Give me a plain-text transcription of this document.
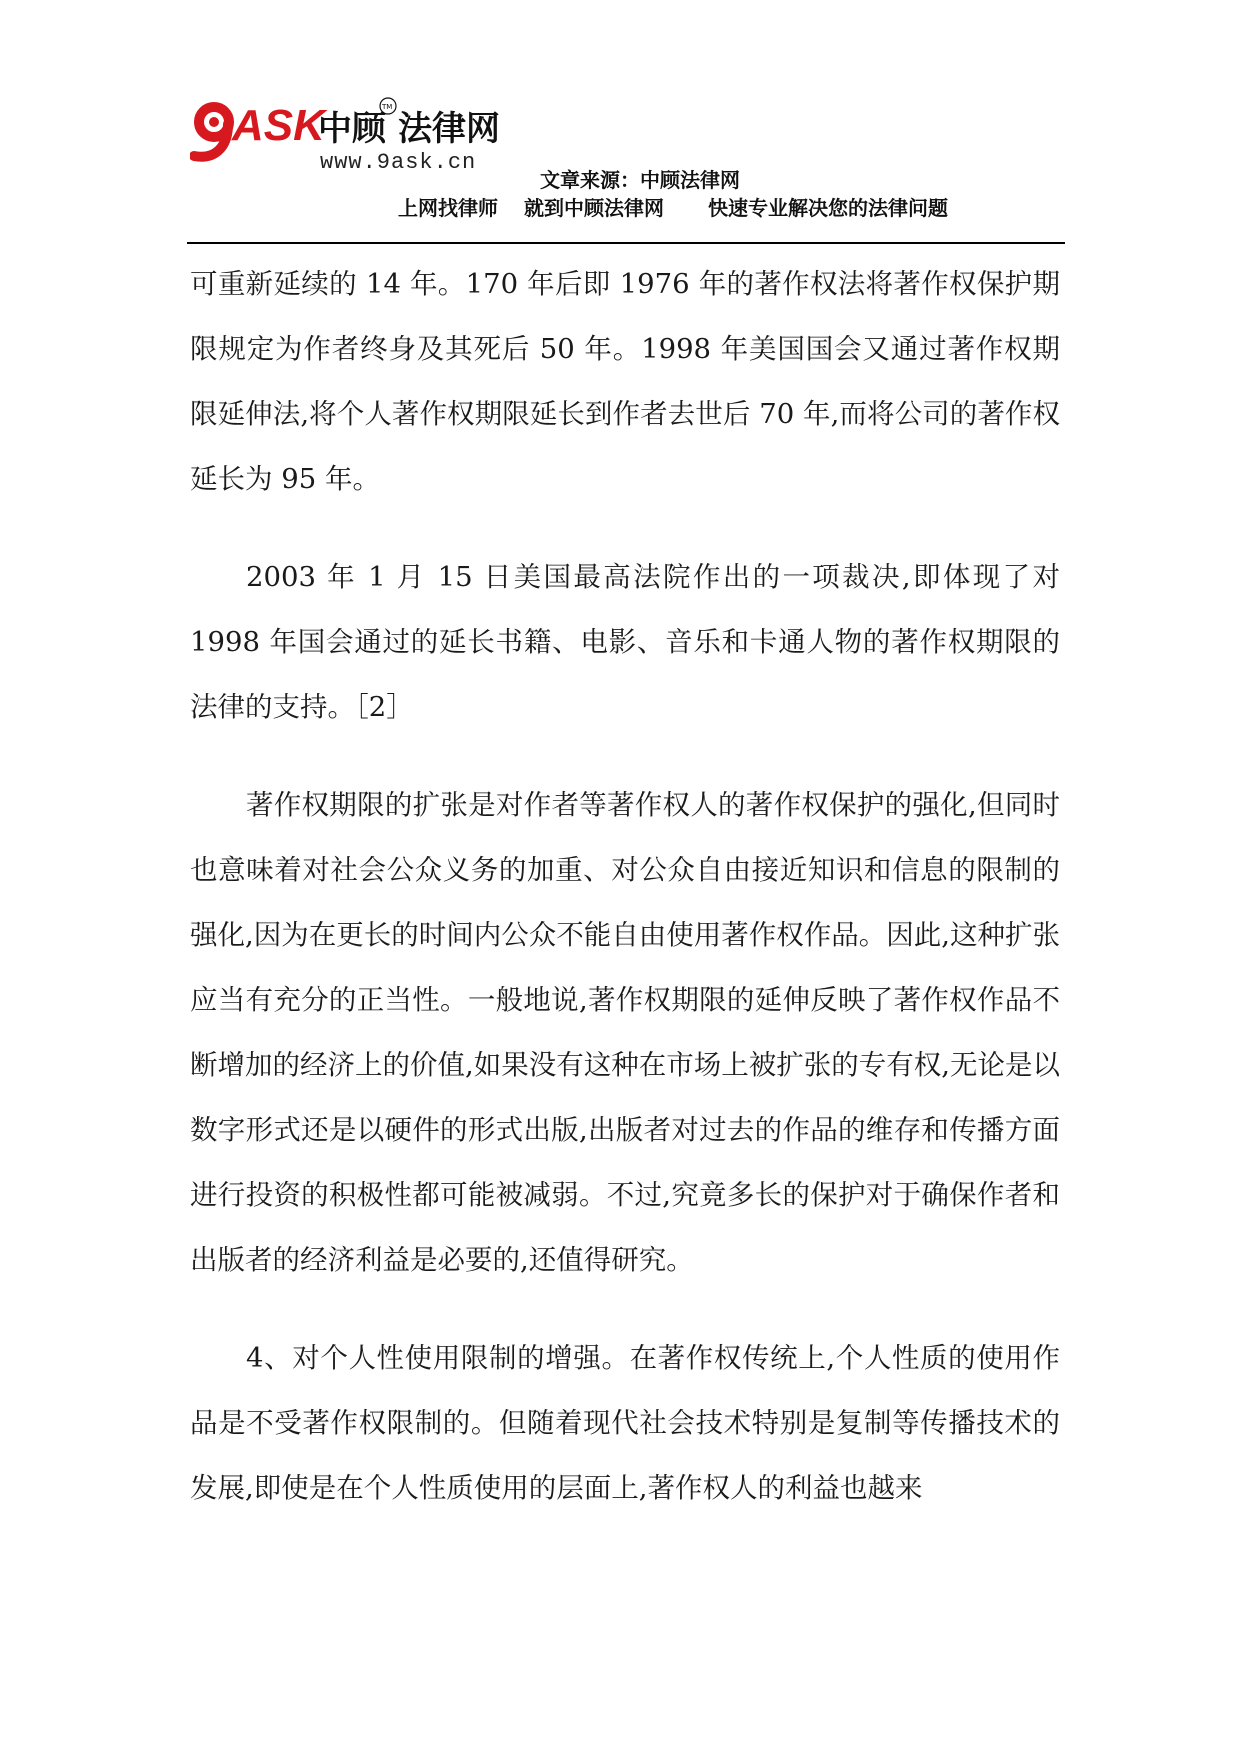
ASK
中顾 法律网
TM
www.9ask.cn
文章来源：中顾法律网
上网找律师 就到中顾法律网 快速专业解决您的法律问题

可重新延续的 14 年。170 年后即 1976 年的著作权法将著作权保护期限规定为作者终身及其死后 50 年。1998 年美国国会又通过著作权期限延伸法,将个人著作权期限延长到作者去世后 70 年,而将公司的著作权延长为 95 年。

2003 年 1 月 15 日美国最高法院作出的一项裁决,即体现了对 1998 年国会通过的延长书籍、电影、音乐和卡通人物的著作权期限的法律的支持。［2］

著作权期限的扩张是对作者等著作权人的著作权保护的强化,但同时也意味着对社会公众义务的加重、对公众自由接近知识和信息的限制的强化,因为在更长的时间内公众不能自由使用著作权作品。因此,这种扩张应当有充分的正当性。一般地说,著作权期限的延伸反映了著作权作品不断增加的经济上的价值,如果没有这种在市场上被扩张的专有权,无论是以数字形式还是以硬件的形式出版,出版者对过去的作品的维存和传播方面进行投资的积极性都可能被减弱。不过,究竟多长的保护对于确保作者和出版者的经济利益是必要的,还值得研究。

4、对个人性使用限制的增强。在著作权传统上,个人性质的使用作品是不受著作权限制的。但随着现代社会技术特别是复制等传播技术的发展,即使是在个人性质使用的层面上,著作权人的利益也越来
